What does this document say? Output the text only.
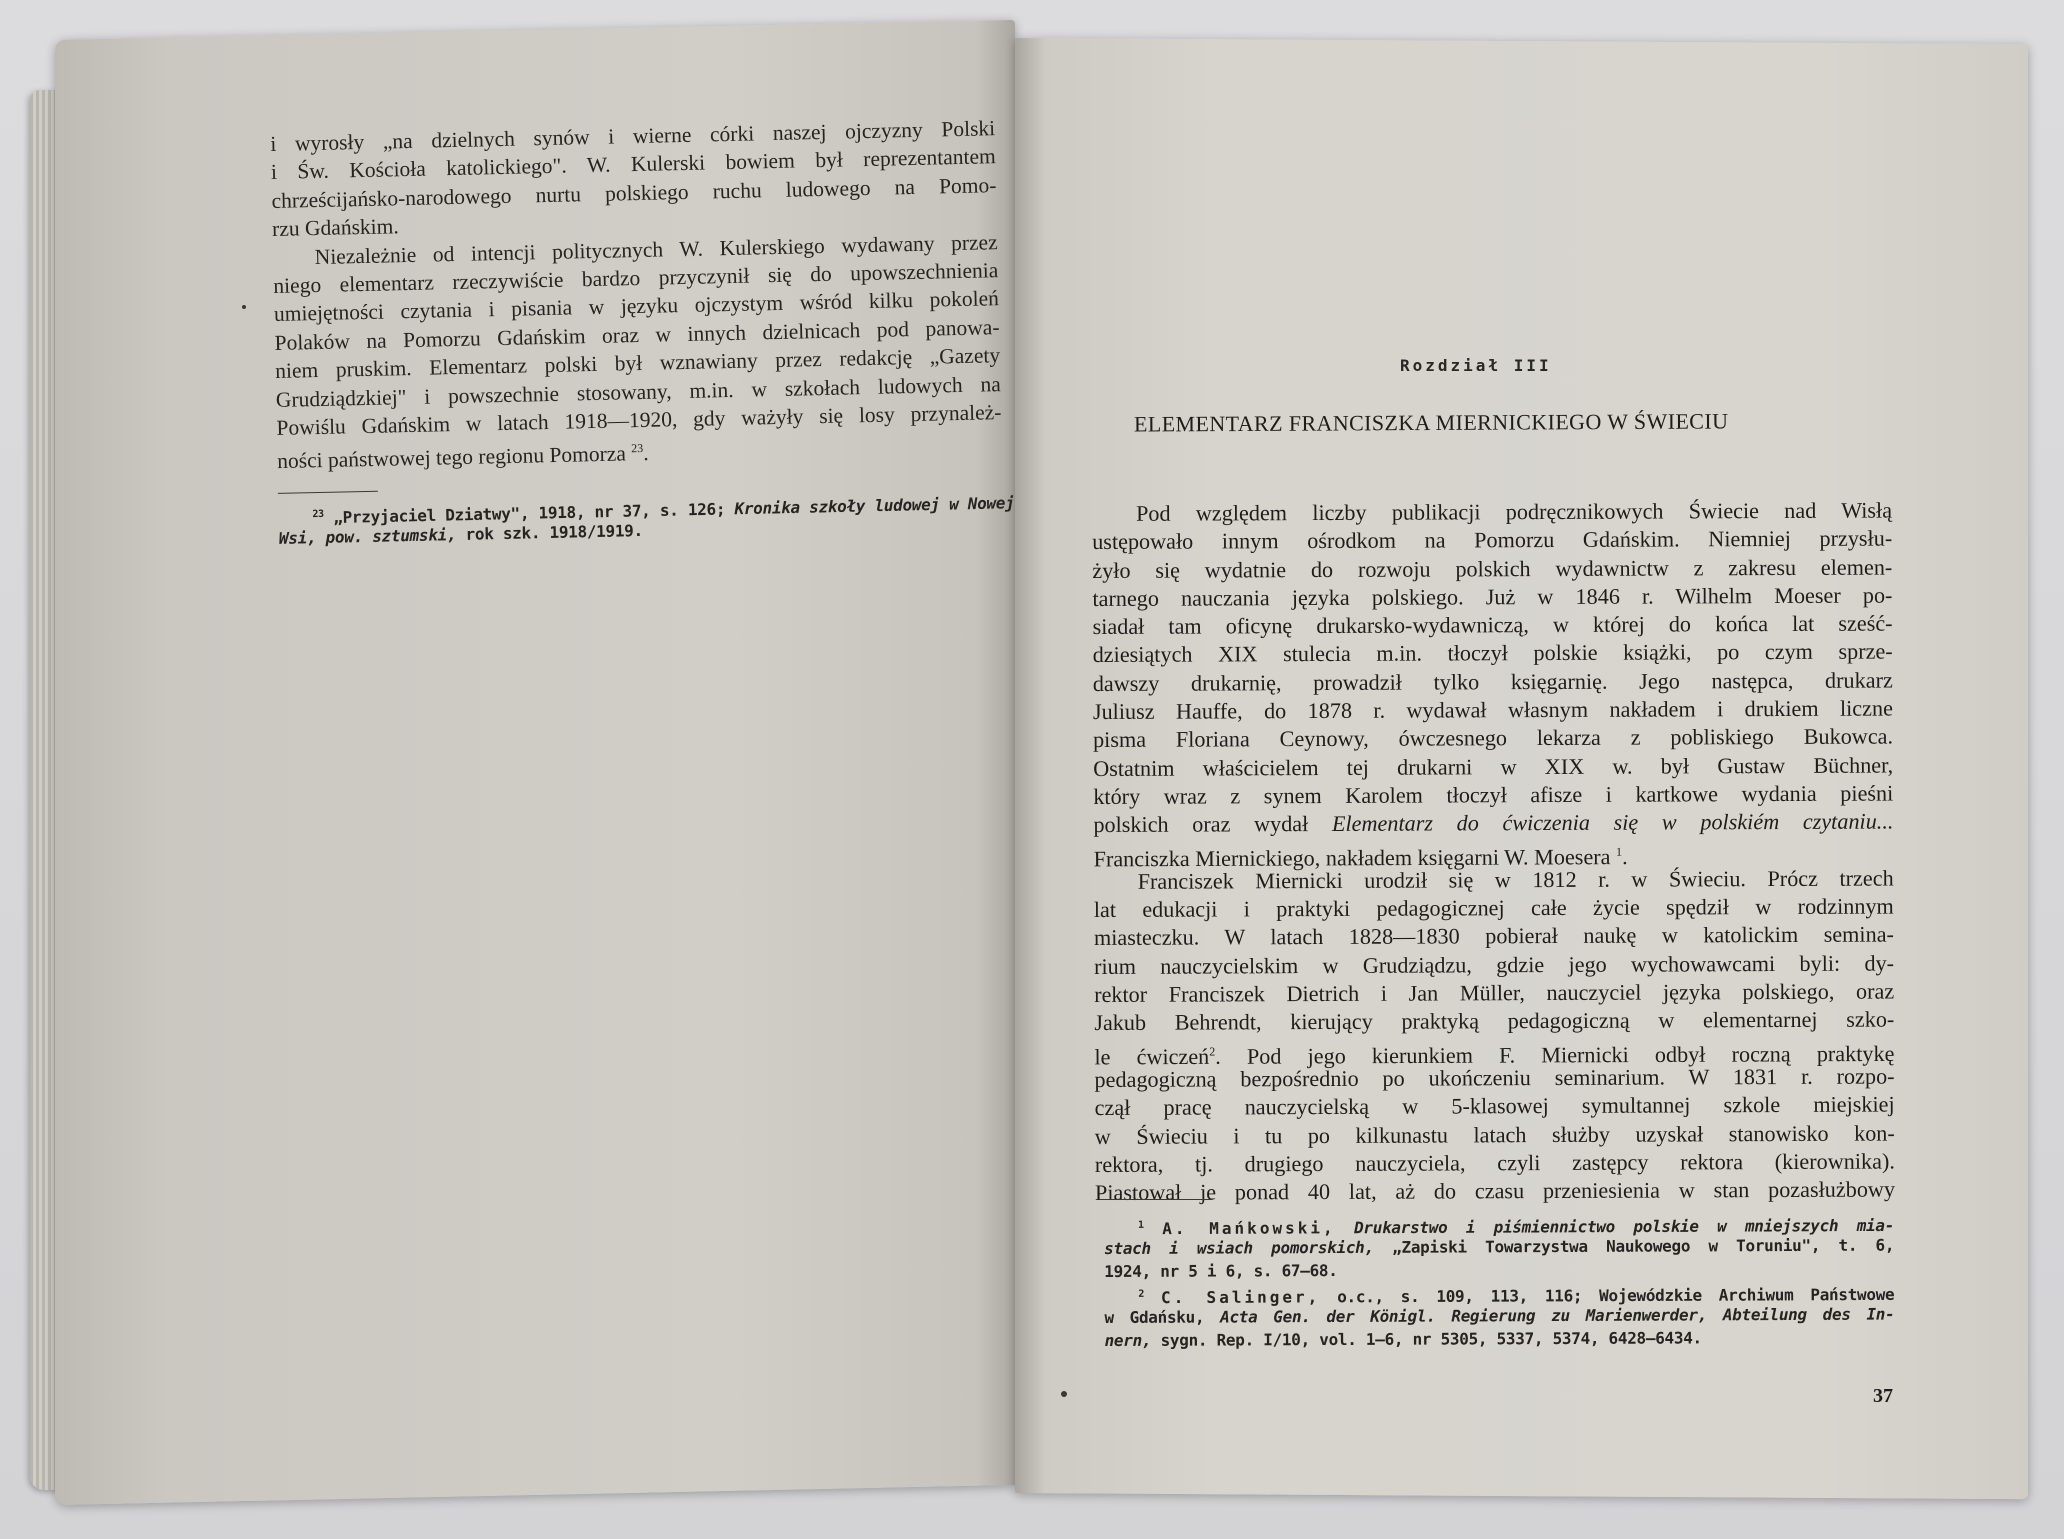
i wyrosły „na dzielnych synów i wierne córki naszej ojczyzny Polski
i Św. Kościoła katolickiego". W. Kulerski bowiem był reprezentantem
chrześcijańsko-narodowego nurtu polskiego ruchu ludowego na Pomo-
rzu Gdańskim.
Niezależnie od intencji politycznych W. Kulerskiego wydawany przez
niego elementarz rzeczywiście bardzo przyczynił się do upowszechnienia
umiejętności czytania i pisania w języku ojczystym wśród kilku pokoleń
Polaków na Pomorzu Gdańskim oraz w innych dzielnicach pod panowa-
niem pruskim. Elementarz polski był wznawiany przez redakcję „Gazety
Grudziądzkiej" i powszechnie stosowany, m.in. w szkołach ludowych na
Powiślu Gdańskim w latach 1918—1920, gdy ważyły się losy przynależ-
ności państwowej tego regionu Pomorza $^{23}$.
$^{23}$ „Przyjaciel Dziatwy", 1918, nr 37, s. 126; Kronika szkoły ludowej w Nowej
Wsi, pow. sztumski, rok szk. 1918/1919.
Rozdział III
ELEMENTARZ FRANCISZKA MIERNICKIEGO W ŚWIECIU
Pod względem liczby publikacji podręcznikowych Świecie nad Wisłą
ustępowało innym ośrodkom na Pomorzu Gdańskim. Niemniej przysłu-
żyło się wydatnie do rozwoju polskich wydawnictw z zakresu elemen-
tarnego nauczania języka polskiego. Już w 1846 r. Wilhelm Moeser po-
siadał tam oficynę drukarsko-wydawniczą, w której do końca lat sześć-
dziesiątych XIX stulecia m.in. tłoczył polskie książki, po czym sprze-
dawszy drukarnię, prowadził tylko księgarnię. Jego następca, drukarz
Juliusz Hauffe, do 1878 r. wydawał własnym nakładem i drukiem liczne
pisma Floriana Ceynowy, ówczesnego lekarza z pobliskiego Bukowca.
Ostatnim właścicielem tej drukarni w XIX w. był Gustaw Büchner,
który wraz z synem Karolem tłoczył afisze i kartkowe wydania pieśni
polskich oraz wydał Elementarz do ćwiczenia się w polskiém czytaniu...
Franciszka Miernickiego, nakładem księgarni W. Moesera $^1$.
Franciszek Miernicki urodził się w 1812 r. w Świeciu. Prócz trzech
lat edukacji i praktyki pedagogicznej całe życie spędził w rodzinnym
miasteczku. W latach 1828—1830 pobierał naukę w katolickim semina-
rium nauczycielskim w Grudziądzu, gdzie jego wychowawcami byli: dy-
rektor Franciszek Dietrich i Jan Müller, nauczyciel języka polskiego, oraz
Jakub Behrendt, kierujący praktyką pedagogiczną w elementarnej szko-
le ćwiczeń$^2$. Pod jego kierunkiem F. Miernicki odbył roczną praktykę
pedagogiczną bezpośrednio po ukończeniu seminarium. W 1831 r. rozpo-
czął pracę nauczycielską w 5-klasowej symultannej szkole miejskiej
w Świeciu i tu po kilkunastu latach służby uzyskał stanowisko kon-
rektora, tj. drugiego nauczyciela, czyli zastępcy rektora (kierownika).
Piastował je ponad 40 lat, aż do czasu przeniesienia w stan pozasłużbowy
$^1$ A. Mańkowski, Drukarstwo i piśmiennictwo polskie w mniejszych mia-
stach i wsiach pomorskich, „Zapiski Towarzystwa Naukowego w Toruniu", t. 6,
1924, nr 5 i 6, s. 67—68.
$^2$ C. Salinger, o.c., s. 109, 113, 116; Wojewódzkie Archiwum Państwowe
w Gdańsku, Acta Gen. der Königl. Regierung zu Marienwerder, Abteilung des In-
nern, sygn. Rep. I/10, vol. 1—6, nr 5305, 5337, 5374, 6428—6434.
37
